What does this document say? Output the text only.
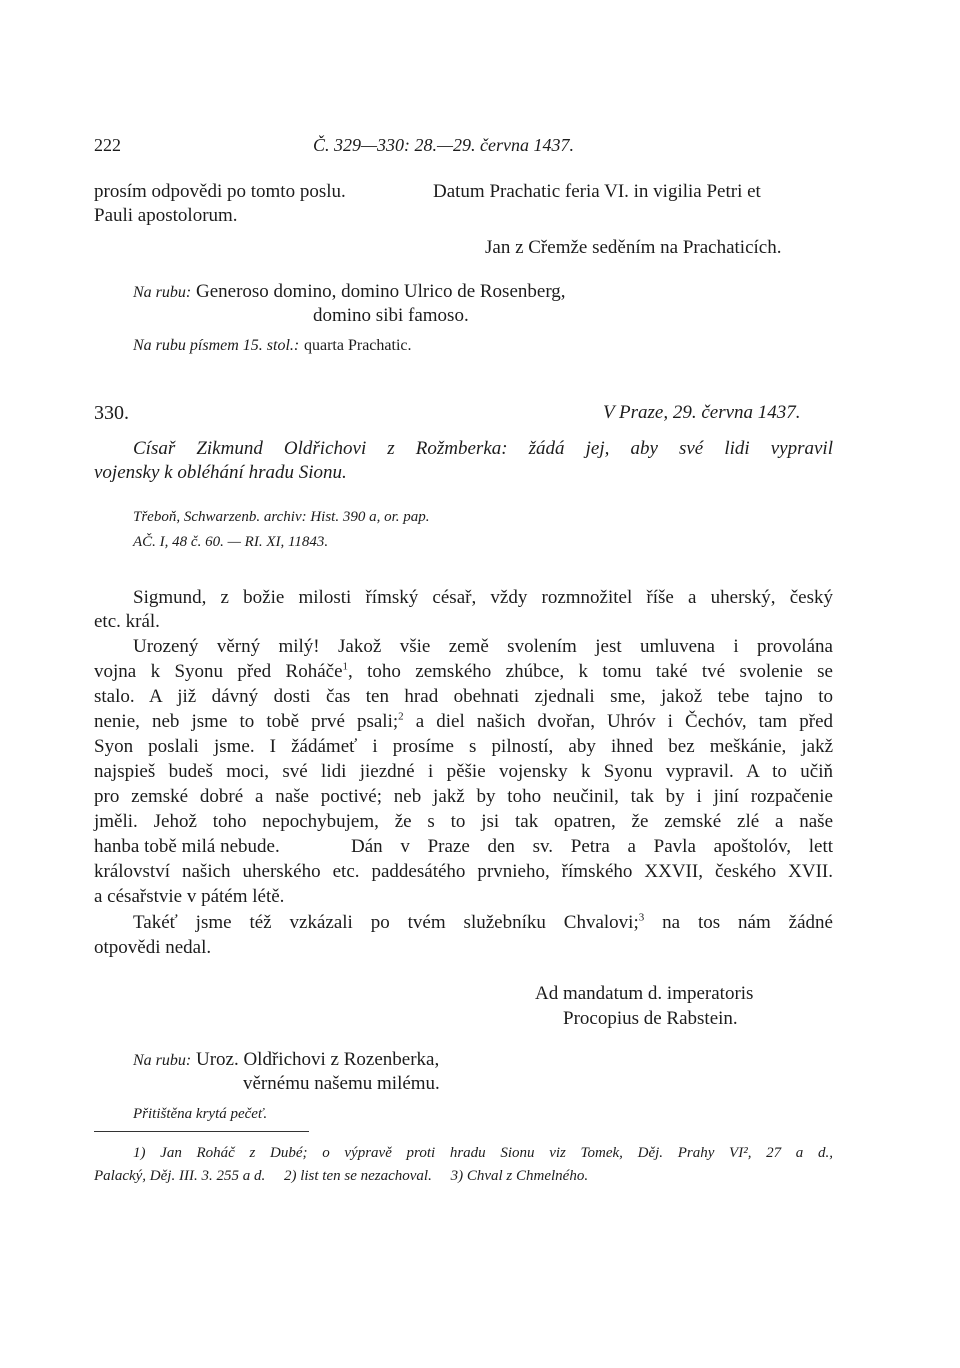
222	Č. 329—330: 28.—29. června 1437.
prosím odpovědi po tomto poslu.	Datum Prachatic feria VI. in vigilia Petri et
Pauli apostolorum.
Jan z Cřemže seděním na Prachaticích.
Na rubu: Generoso domino, domino Ulrico de Rosenberg,
domino sibi famoso.
Na rubu písmem 15. stol.: quarta Prachatic.
330.	V Praze, 29. června 1437.
Císař Zikmund Oldřichovi z Rožmberka: žádá jej, aby své lidi vypravil
vojensky k obléhání hradu Sionu.
Třeboň, Schwarzenb. archiv: Hist. 390 a, or. pap.
AČ. I, 48 č. 60. — RI. XI, 11843.
Sigmund, z božie milosti římský césař, vždy rozmnožitel říše a uherský, český
etc. král.
Urozený věrný milý! Jakož všie země svolením jest umluvena i provolána
vojna k Syonu před Roháče$^1$, toho zemského zhúbce, k tomu také tvé svolenie se
stalo. A již dávný dosti čas ten hrad obehnati zjednali sme, jakož tebe tajno to
nenie, neb jsme to tobě prvé psali;$^2$ a diel našich dvořan, Uhróv i Čechóv, tam před
Syon poslali jsme. I žádámeť i prosíme s pilností, aby ihned bez meškánie, jakž
najspieš budeš moci, své lidi jiezdné i pěšie vojensky k Syonu vypravil. A to učiň
pro zemské dobré a naše poctivé; neb jakž by toho neučinil, tak by i jiní rozpačenie
jměli. Jehož toho nepochybujem, že s to jsi tak opatren, že zemské zlé a naše
hanba tobě milá nebude.	Dán v Praze den sv. Petra a Pavla apoštolóv, lett
království našich uherského etc. paddesátého prvnieho, římského XXVII, českého XVII.
a césařstvie v pátém létě.
Takéť jsme též vzkázali po tvém služebníku Chvalovi;$^3$ na tos nám žádné
otpovědi nedal.
Ad mandatum d. imperatoris
Procopius de Rabstein.
Na rubu: Uroz. Oldřichovi z Rozenberka,
věrnému našemu milému.
Přitištěna krytá pečeť.
1) Jan Roháč z Dubé; o výpravě proti hradu Sionu viz Tomek, Děj. Prahy VI², 27 a d.,
Palacký, Děj. III. 3. 255 a d.     2) list ten se nezachoval.     3) Chval z Chmelného.
